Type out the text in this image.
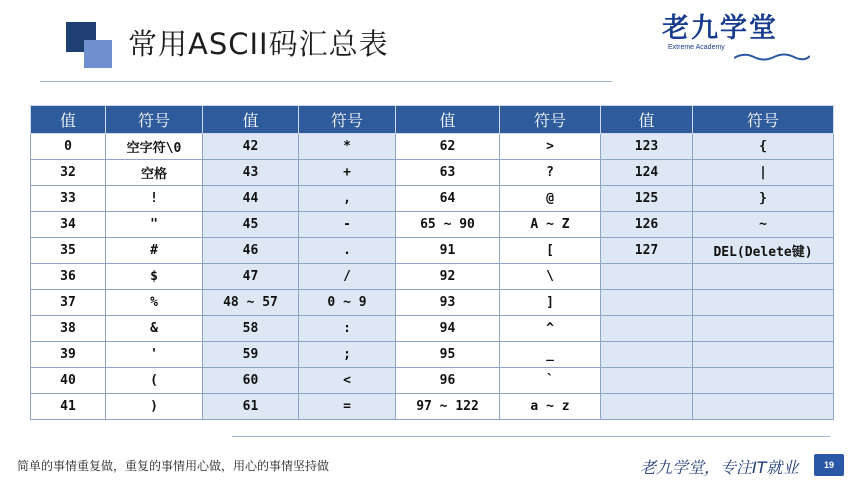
常用ASCII码汇总表	老九学堂
Extreme Academy
值	符号	值	符号	值	符号	值	符号
0	空字符\0	42	*	62	>	123	{
32	空格	43	+	63	?	124	|
33	!	44	,	64	@	125	}
34	"	45	-	65 ~ 90	A ~ Z	126	~
35	#	46	.	91	[	127	DEL(Delete键)
36	$	47	/	92	\		
37	%	48 ~ 57	0 ~ 9	93	]		
38	&	58	:	94	^		
39	'	59	;	95	_		
40	(	60	<	96	`		
41	)	61	=	97 ~ 122	a ~ z		
简单的事情重复做，重复的事情用心做，用心的事情坚持做	老九学堂，专注IT就业	19
